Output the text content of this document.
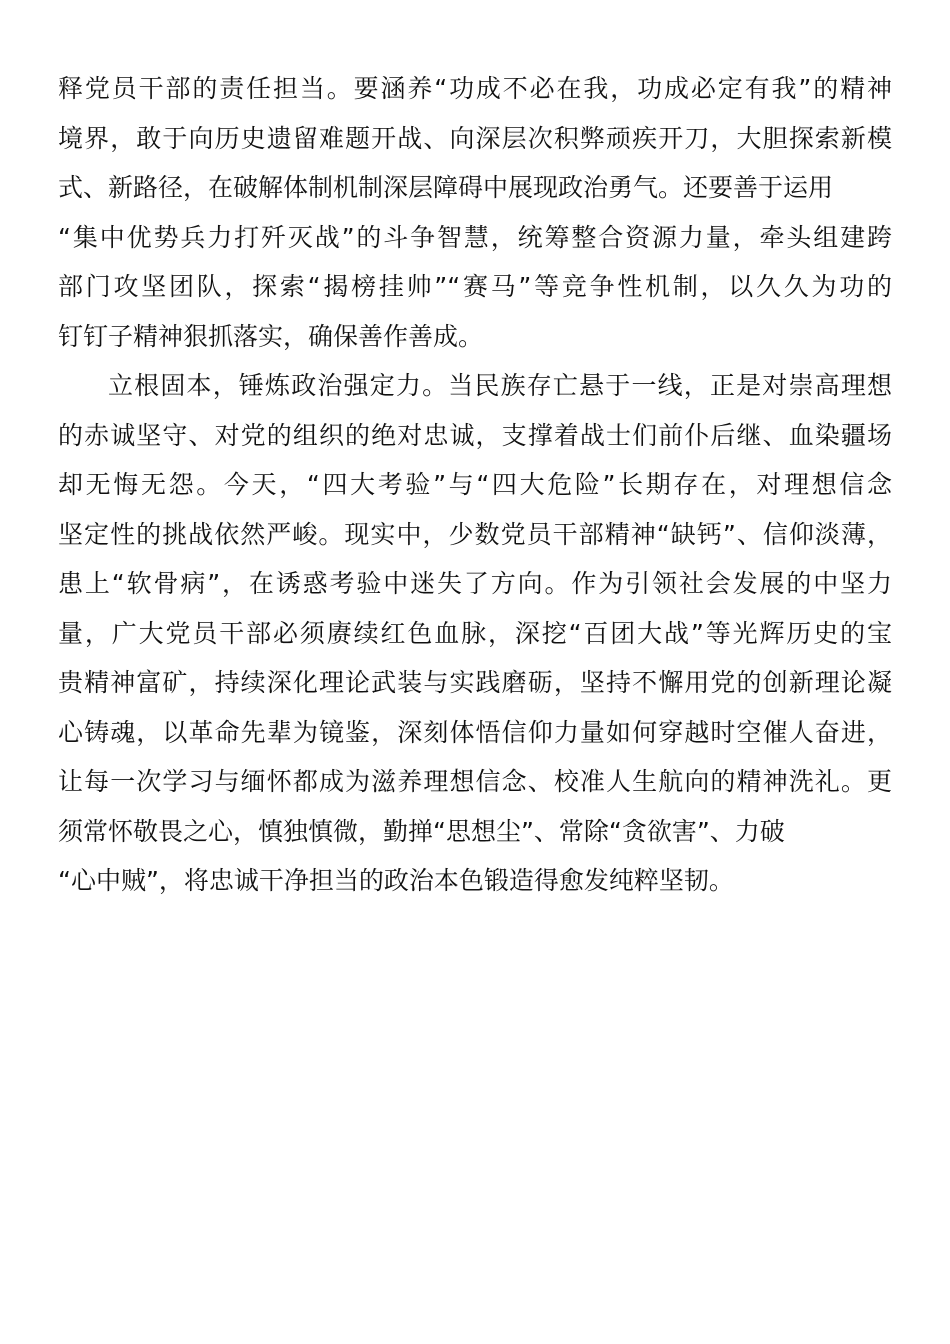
释党员干部的责任担当。要涵养“功成不必在我，功成必定有我”的精神
境界，敢于向历史遗留难题开战、向深层次积弊顽疾开刀，大胆探索新模
式、新路径，在破解体制机制深层障碍中展现政治勇气。还要善于运用
“集中优势兵力打歼灭战”的斗争智慧，统筹整合资源力量，牵头组建跨
部门攻坚团队，探索“揭榜挂帅”“赛马”等竞争性机制，以久久为功的
钉钉子精神狠抓落实，确保善作善成。
立根固本，锤炼政治强定力。当民族存亡悬于一线，正是对崇高理想
的赤诚坚守、对党的组织的绝对忠诚，支撑着战士们前仆后继、血染疆场
却无悔无怨。今天，“四大考验”与“四大危险”长期存在，对理想信念
坚定性的挑战依然严峻。现实中，少数党员干部精神“缺钙”、信仰淡薄，
患上“软骨病”，在诱惑考验中迷失了方向。作为引领社会发展的中坚力
量，广大党员干部必须赓续红色血脉，深挖“百团大战”等光辉历史的宝
贵精神富矿，持续深化理论武装与实践磨砺，坚持不懈用党的创新理论凝
心铸魂，以革命先辈为镜鉴，深刻体悟信仰力量如何穿越时空催人奋进，
让每一次学习与缅怀都成为滋养理想信念、校准人生航向的精神洗礼。更
须常怀敬畏之心，慎独慎微，勤掸“思想尘”、常除“贪欲害”、力破
“心中贼”，将忠诚干净担当的政治本色锻造得愈发纯粹坚韧。
